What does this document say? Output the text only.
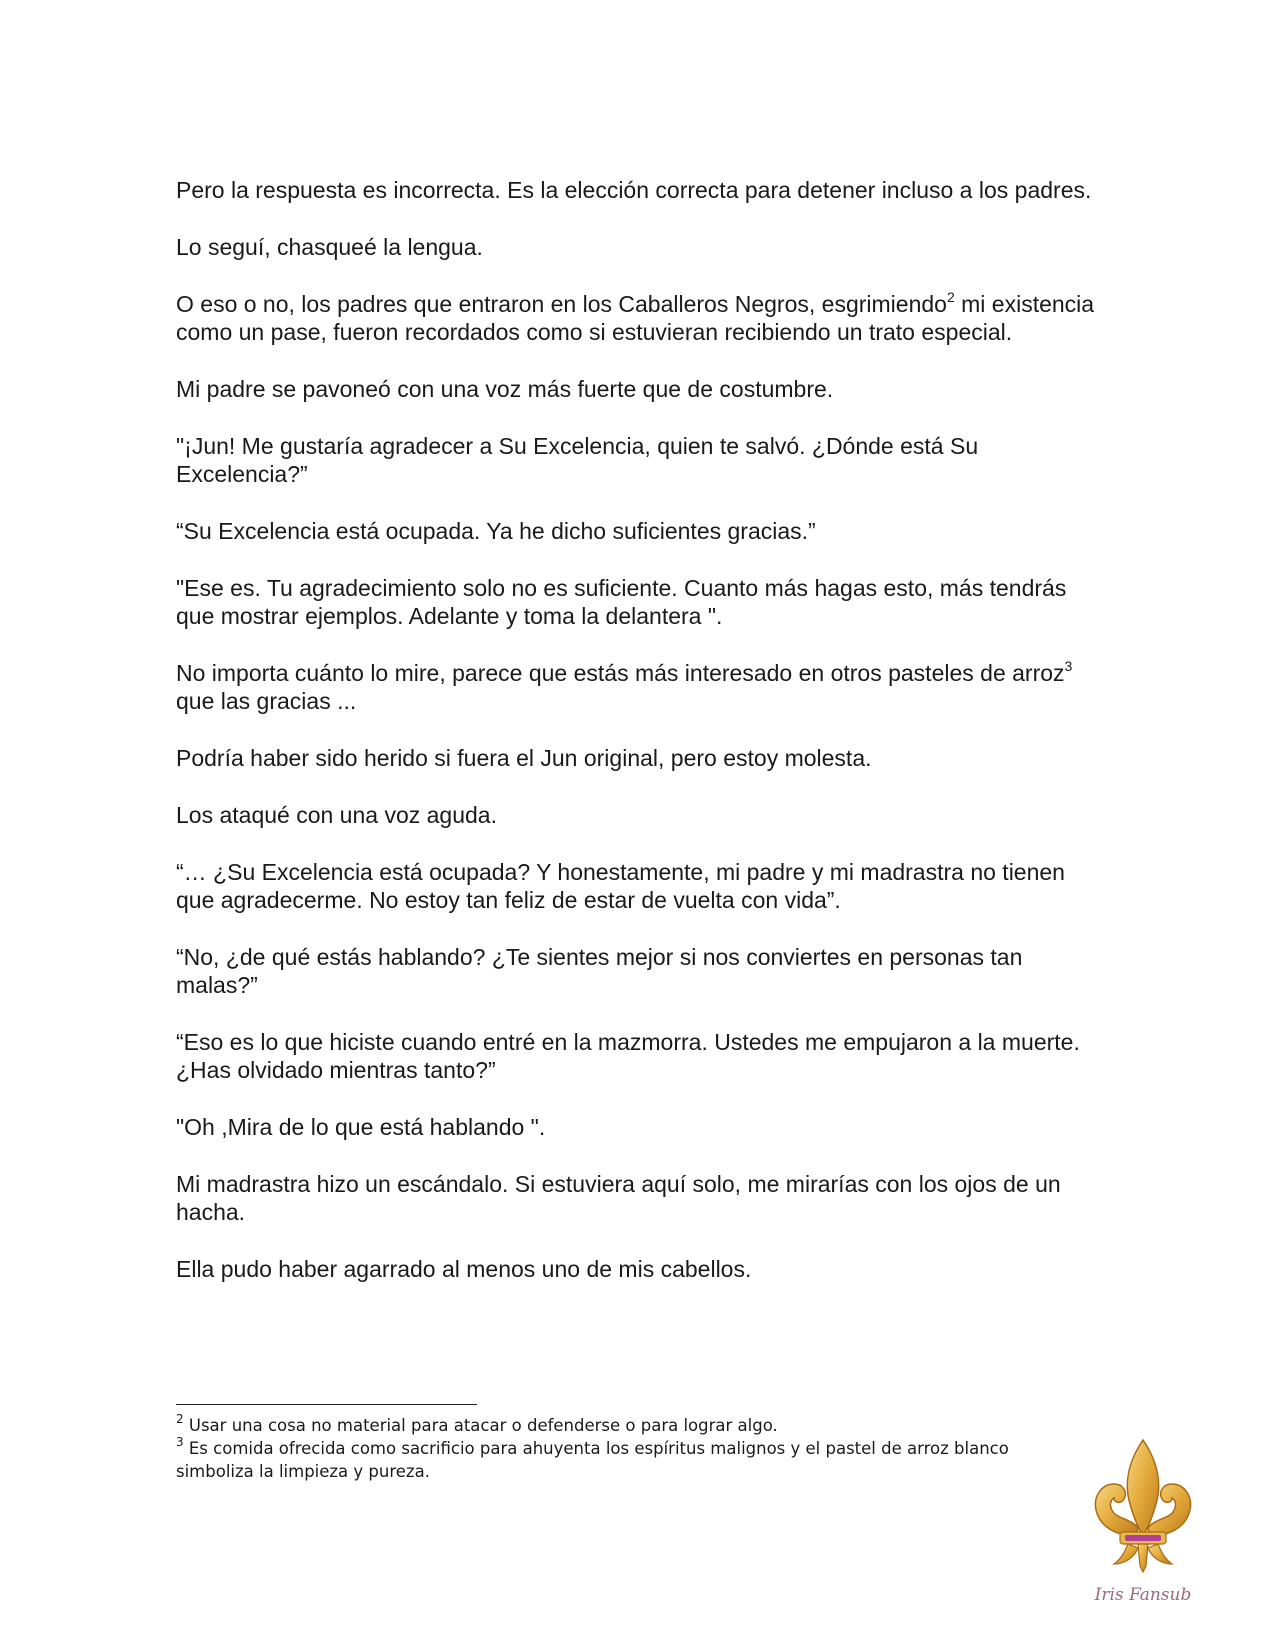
Pero la respuesta es incorrecta. Es la elección correcta para detener incluso a los padres.

Lo seguí, chasqueé la lengua.

O eso o no, los padres que entraron en los Caballeros Negros, esgrimiendo$^2$ mi existencia como un pase, fueron recordados como si estuvieran recibiendo un trato especial.

Mi padre se pavoneó con una voz más fuerte que de costumbre.

"¡Jun! Me gustaría agradecer a Su Excelencia, quien te salvó. ¿Dónde está Su Excelencia?”

“Su Excelencia está ocupada. Ya he dicho suficientes gracias.”

"Ese es. Tu agradecimiento solo no es suficiente. Cuanto más hagas esto, más tendrás que mostrar ejemplos. Adelante y toma la delantera ".

No importa cuánto lo mire, parece que estás más interesado en otros pasteles de arroz$^3$ que las gracias ...

Podría haber sido herido si fuera el Jun original, pero estoy molesta.

Los ataqué con una voz aguda.

“… ¿Su Excelencia está ocupada? Y honestamente, mi padre y mi madrastra no tienen que agradecerme. No estoy tan feliz de estar de vuelta con vida”.

“No, ¿de qué estás hablando? ¿Te sientes mejor si nos conviertes en personas tan malas?”

“Eso es lo que hiciste cuando entré en la mazmorra. Ustedes me empujaron a la muerte. ¿Has olvidado mientras tanto?”

"Oh ,Mira de lo que está hablando ".

Mi madrastra hizo un escándalo. Si estuviera aquí solo, me mirarías con los ojos de un hacha.

Ella pudo haber agarrado al menos uno de mis cabellos.

$^2$ Usar una cosa no material para atacar o defenderse o para lograr algo.

$^3$ Es comida ofrecida como sacrificio para ahuyenta los espíritus malignos y el pastel de arroz blanco simboliza la limpieza y pureza.

Iris Fansub
